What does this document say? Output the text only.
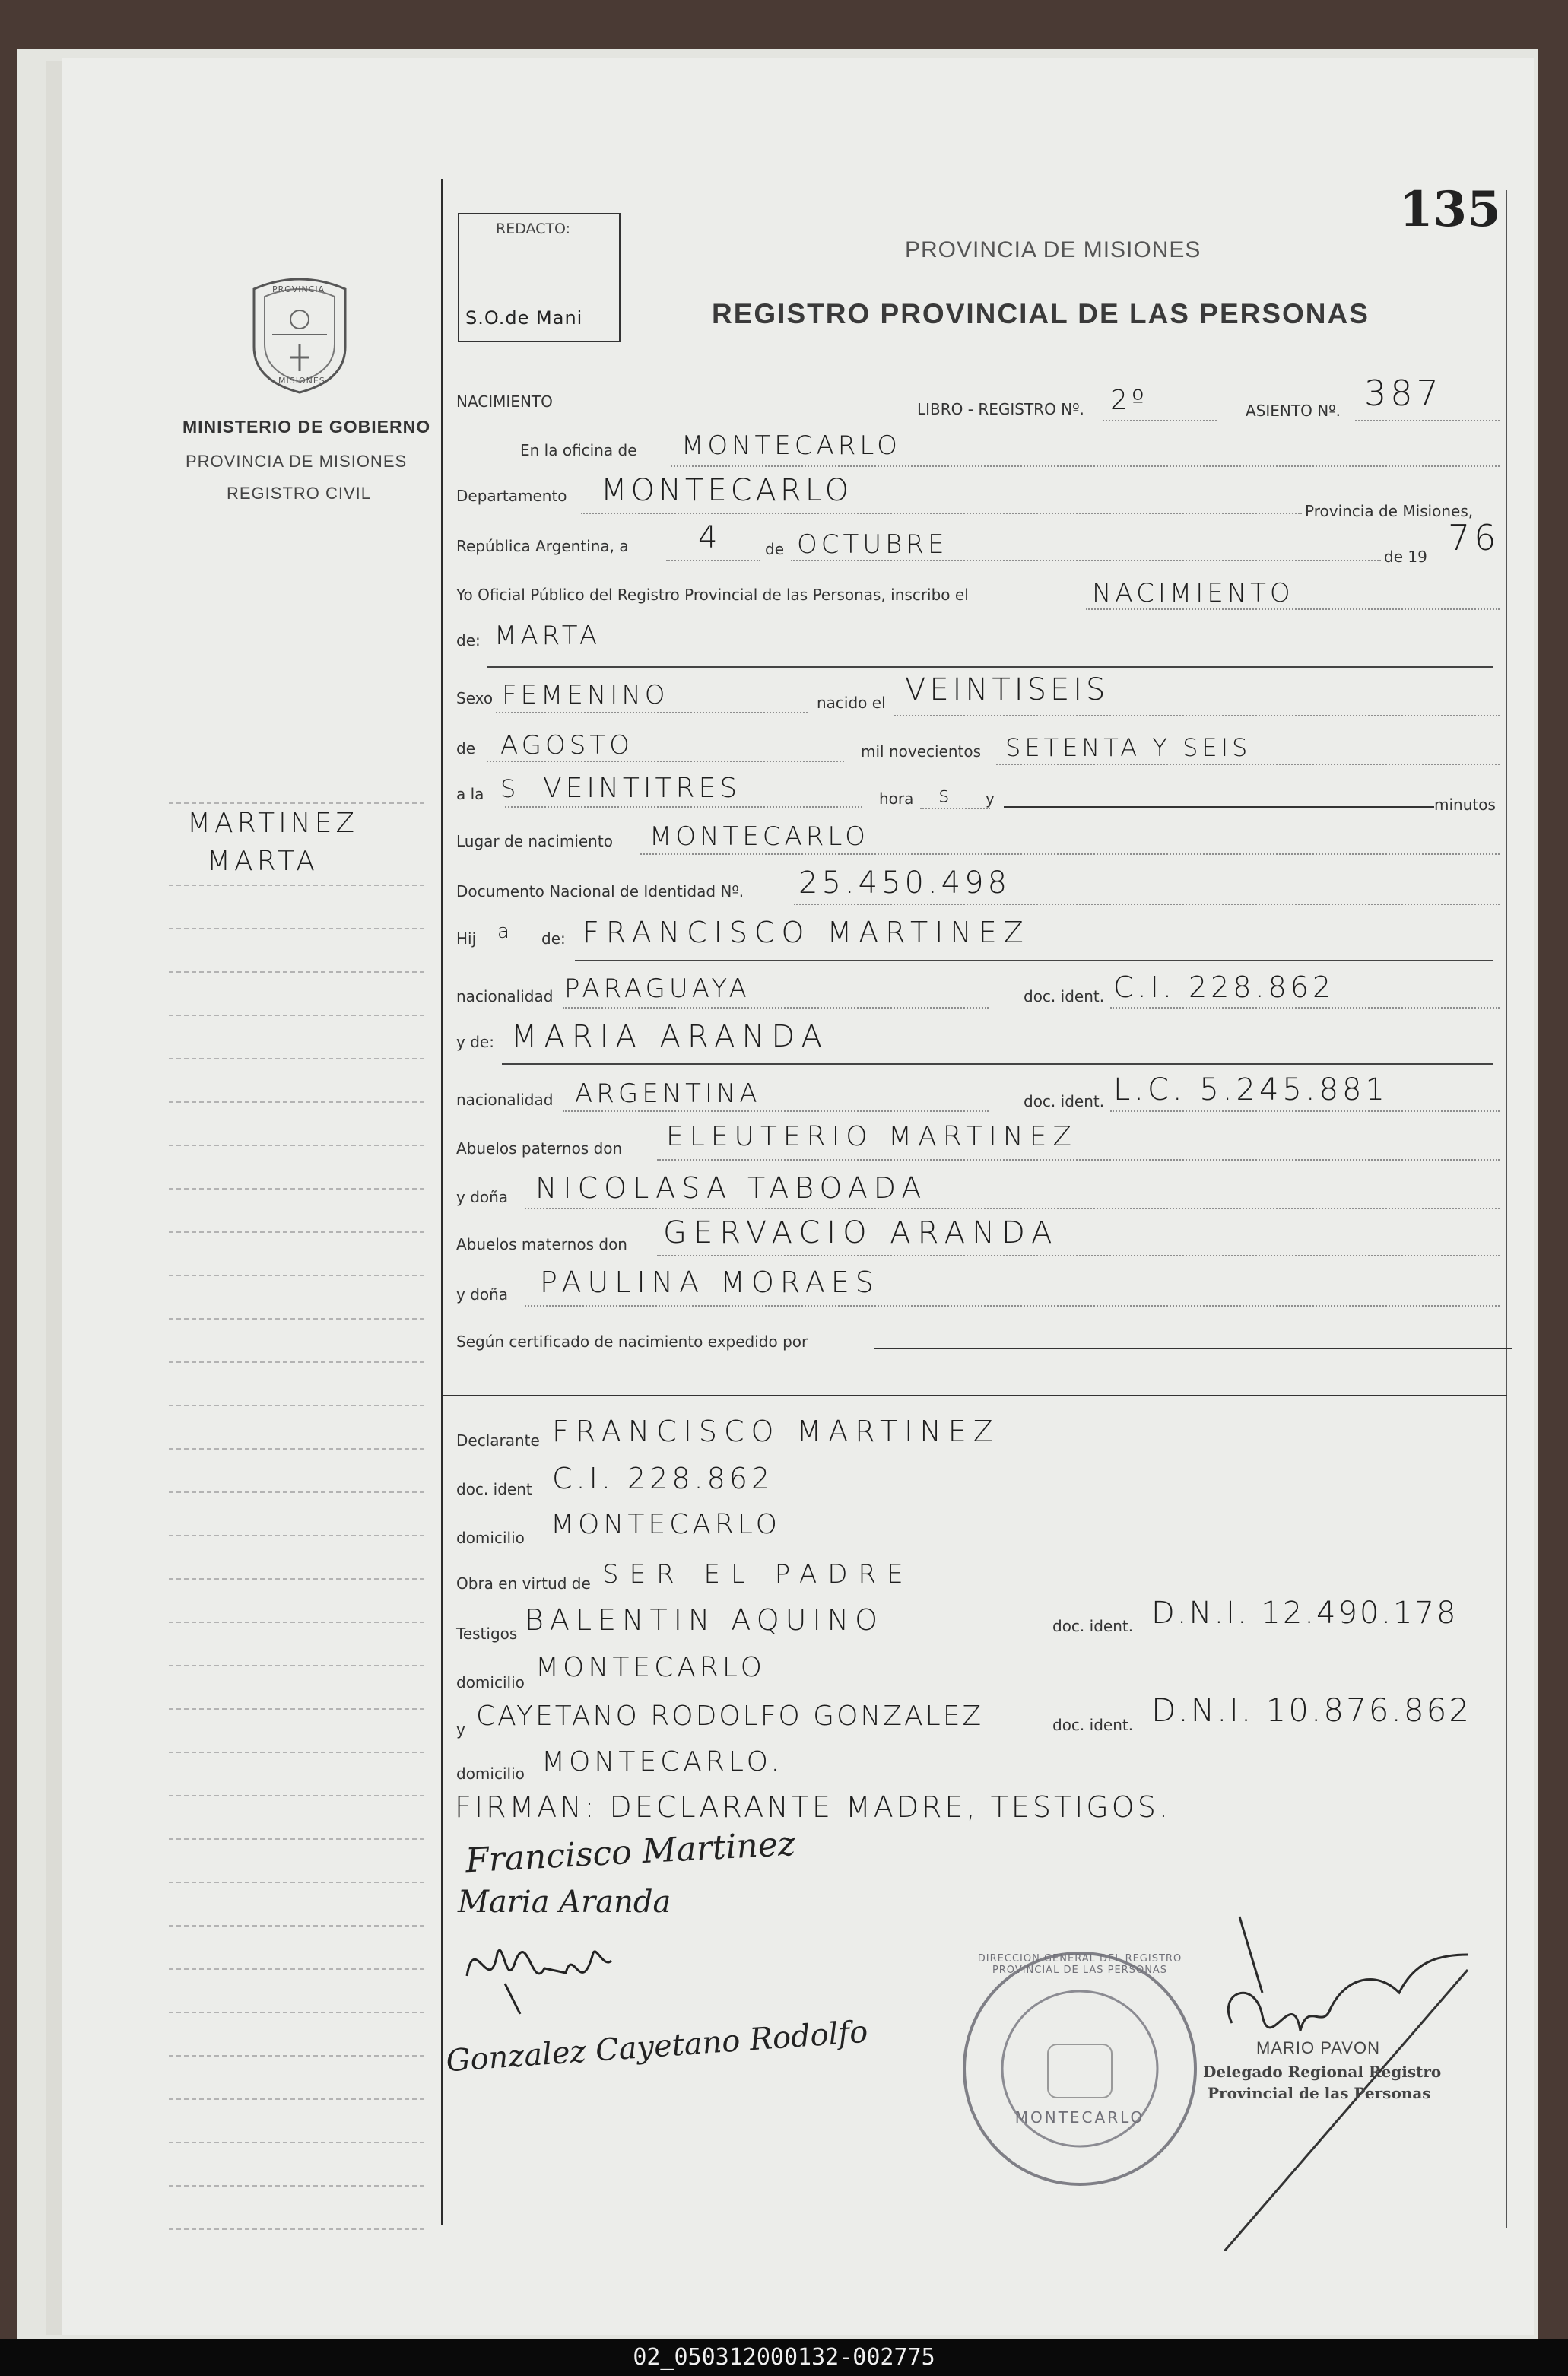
PROVINCIA
MISIONES
MINISTERIO DE GOBIERNO
PROVINCIA DE MISIONES
REGISTRO CIVIL
MARTINEZ
MARTA
135
REDACTO:
S.O.de Mani
PROVINCIA DE MISIONES
REGISTRO PROVINCIAL DE LAS PERSONAS
NACIMIENTO	LIBRO - REGISTRO Nº. 2º	ASIENTO Nº. 387
En la oficina de MONTECARLO
Departamento MONTECARLO
Provincia de Misiones,
República Argentina, a 4	de OCTUBRE	de 19 76
Yo Oficial Público del Registro Provincial de las Personas, inscribo el	NACIMIENTO
de: MARTA
Sexo FEMENINO	nacido el VEINTISEIS
de AGOSTO	mil novecientos SETENTA Y SEIS
a la S VEINTITRES	hora s y	minutos
Lugar de nacimiento MONTECARLO
Documento Nacional de Identidad Nº. 25.450.498
Hij a de: FRANCISCO MARTINEZ
nacionalidad PARAGUAYA	doc. ident. C.I. 228.862
y de: MARIA ARANDA
nacionalidad ARGENTINA	doc. ident. L.C. 5.245.881
Abuelos paternos don ELEUTERIO MARTINEZ
y doña NICOLASA TABOADA
Abuelos maternos don GERVACIO ARANDA
y doña PAULINA MORAES
Según certificado de nacimiento expedido por
Declarante FRANCISCO MARTINEZ
doc. ident C.I. 228.862
domicilio MONTECARLO
Obra en virtud de SER EL PADRE
Testigos BALENTIN AQUINO	doc. ident. D.N.I. 12.490.178
domicilio MONTECARLO
y CAYETANO RODOLFO GONZALEZ	doc. ident. D.N.I. 10.876.862
domicilio MONTECARLO.
FIRMAN: DECLARANTE MADRE, TESTIGOS.
Francisco Martinez
Maria Aranda
Gonzalez Cayetano Rodolfo
DIRECCION GENERAL DEL REGISTRO PROVINCIAL DE LAS PERSONAS
MONTECARLO
MARIO PAVON
Delegado Regional Registro
Provincial de las Personas
02_050312000132-002775
